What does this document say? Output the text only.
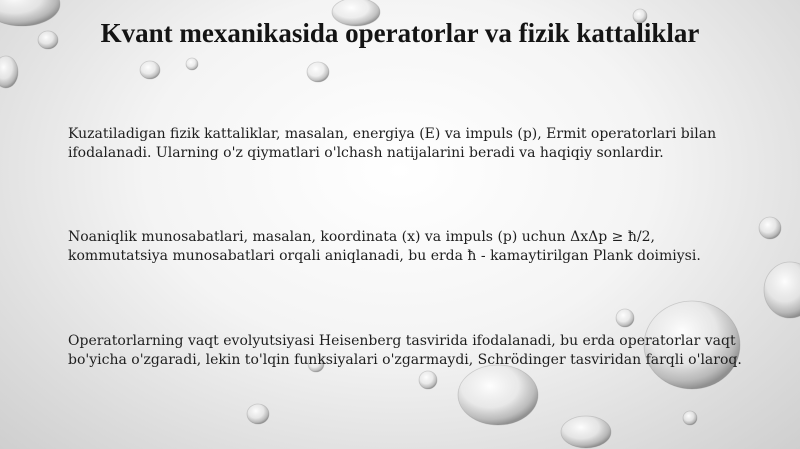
Kvant mexanikasida operatorlar va fizik kattaliklar

Kuzatiladigan fizik kattaliklar, masalan, energiya (E) va impuls (p), Ermit operatorlari bilan ifodalanadi. Ularning o'z qiymatlari o'lchash natijalarini beradi va haqiqiy sonlardir.

Noaniqlik munosabatlari, masalan, koordinata (x) va impuls (p) uchun ΔxΔp ≥ ħ/2, kommutatsiya munosabatlari orqali aniqlanadi, bu erda ħ - kamaytirilgan Plank doimiysi.

Operatorlarning vaqt evolyutsiyasi Heisenberg tasvirida ifodalanadi, bu erda operatorlar vaqt bo'yicha o'zgaradi, lekin to'lqin funksiyalari o'zgarmaydi, Schrödinger tasviridan farqli o'laroq.
